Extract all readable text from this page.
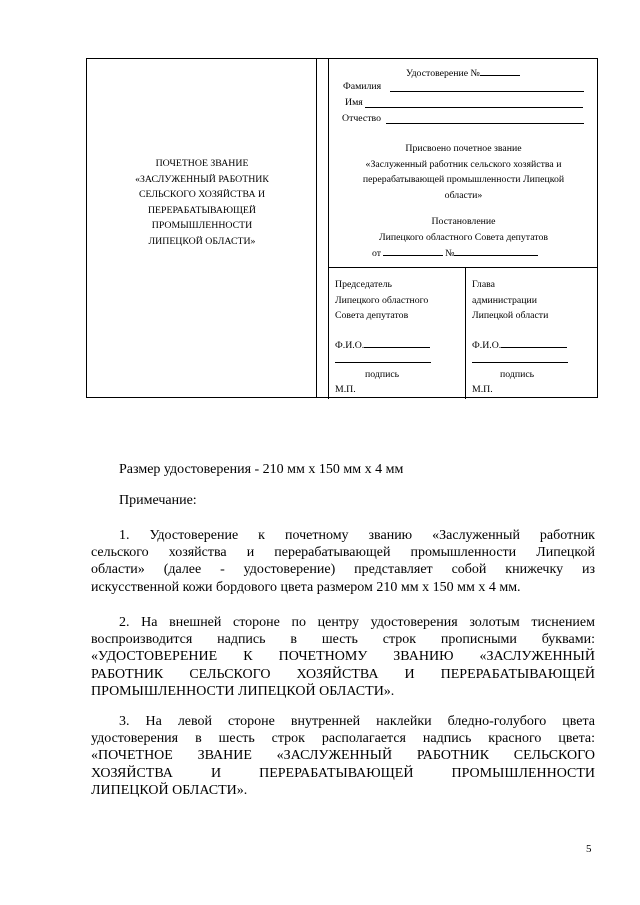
ПОЧЕТНОЕ ЗВАНИЕ
«ЗАСЛУЖЕННЫЙ РАБОТНИК
СЕЛЬСКОГО ХОЗЯЙСТВА И
ПЕРЕРАБАТЫВАЮЩЕЙ
ПРОМЫШЛЕННОСТИ
ЛИПЕЦКОЙ ОБЛАСТИ»
Удостоверение №
Фамилия
Имя
Отчество
Присвоено почетное звание
«Заслуженный работник сельского хозяйства и
перерабатывающей промышленности Липецкой
области»
Постановление
Липецкого областного Совета депутатов
от	№
Председатель
Липецкого областного
Совета депутатов
Ф.И.О.
подпись
М.П.
Глава
администрации
Липецкой области
Ф.И.О.
подпись
М.П.
Размер удостоверения - 210 мм х 150 мм х 4 мм
Примечание:
1. Удостоверение к почетному званию «Заслуженный работник
сельского хозяйства и перерабатывающей промышленности Липецкой
области» (далее - удостоверение) представляет собой книжечку из
искусственной кожи бордового цвета размером 210 мм х 150 мм х 4 мм.
2. На внешней стороне по центру удостоверения золотым тиснением
воспроизводится надпись в шесть строк прописными буквами:
«УДОСТОВЕРЕНИЕ К ПОЧЕТНОМУ ЗВАНИЮ «ЗАСЛУЖЕННЫЙ
РАБОТНИК СЕЛЬСКОГО ХОЗЯЙСТВА И ПЕРЕРАБАТЫВАЮЩЕЙ
ПРОМЫШЛЕННОСТИ ЛИПЕЦКОЙ ОБЛАСТИ».
3. На левой стороне внутренней наклейки бледно-голубого цвета
удостоверения в шесть строк располагается надпись красного цвета:
«ПОЧЕТНОЕ ЗВАНИЕ «ЗАСЛУЖЕННЫЙ РАБОТНИК СЕЛЬСКОГО
ХОЗЯЙСТВА И ПЕРЕРАБАТЫВАЮЩЕЙ ПРОМЫШЛЕННОСТИ
ЛИПЕЦКОЙ ОБЛАСТИ».
5
